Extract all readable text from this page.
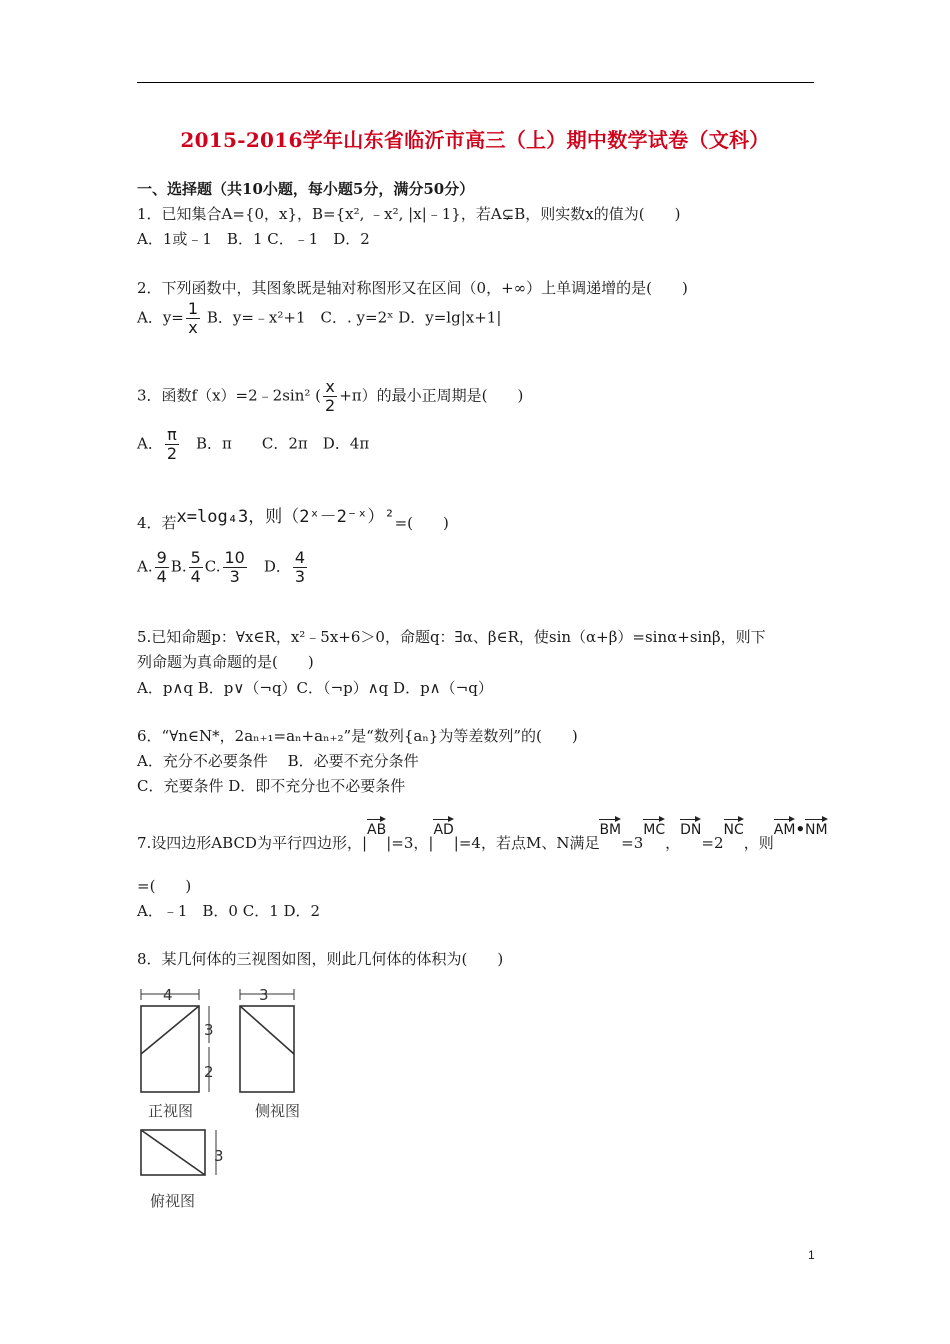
2015-2016学年山东省临沂市高三（上）期中数学试卷（文科）
一、选择题（共10小题，每小题5分，满分50分）
1．已知集合A={0，x}，B={x², ﹣x², |x|﹣1}，若A⊊B，则实数x的值为(　　)
A．1或﹣1　B．1 C．﹣1　D．2
2．下列函数中，其图象既是轴对称图形又在区间（0，+∞）上单调递增的是(　　)
A．$y= \frac{1}{x}$ B．y=﹣x²+1　C．. y=2ˣ D．y=lg|x+1|
3．函数f（x）=2﹣2sin² ( $\frac{x}{2} +\pi$）的最小正周期是(　　)
A． $\frac{\pi}{2}$ 　B．π　　C．2π　D．4π
4．若x=log₄3，则（2ˣ－2⁻ˣ）²=(　　)
A. $\frac{9}{4} B$. $\frac{5}{4} C$. $\frac{10}{3}$ 　D． $\frac{4}{3}$
5.已知命题p：∀x∈R，x²﹣5x+6＞0，命题q：∃α、β∈R，使sin（α+β）=sinα+sinβ，则下
列命题为真命题的是(　　)
A．p∧q B．p∨（¬q）C．（¬p）∧q D．p∧（¬q）
6．“∀n∈N*，2aₙ₊₁=aₙ+aₙ₊₂”是“数列{aₙ}为等差数列”的(　　)
A．充分不必要条件　 B．必要不充分条件
C．充要条件 D．即不充分也不必要条件
7.设四边形ABCD为平行四边形，|AB|=3，|AD|=4，若点M、N满足BM=3MC，DN=2NC，则AM•NM
=(　　)
A．﹣1　B．0 C．1 D．2
8．某几何体的三视图如图，则此几何体的体积为(　　)
4
3
2
3
3
正视图	侧视图
俯视图
1
